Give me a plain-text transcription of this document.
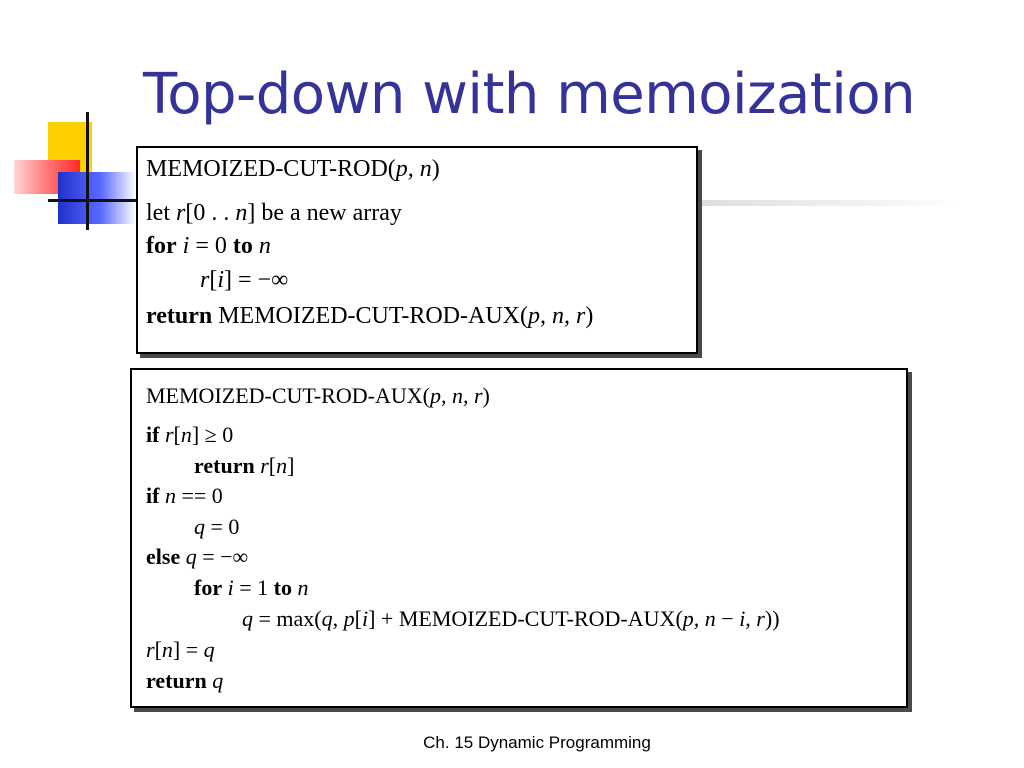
Top-down with memoization
MEMOIZED-CUT-ROD(p, n)
let r[0 . . n] be a new array
for i = 0 to n
r[i] = −∞
return MEMOIZED-CUT-ROD-AUX(p, n, r)
MEMOIZED-CUT-ROD-AUX(p, n, r)
if r[n] ≥ 0
return r[n]
if n == 0
q = 0
else q = −∞
for i = 1 to n
q = max(q, p[i] + MEMOIZED-CUT-ROD-AUX(p, n − i, r))
r[n] = q
return q
Ch. 15 Dynamic Programming
